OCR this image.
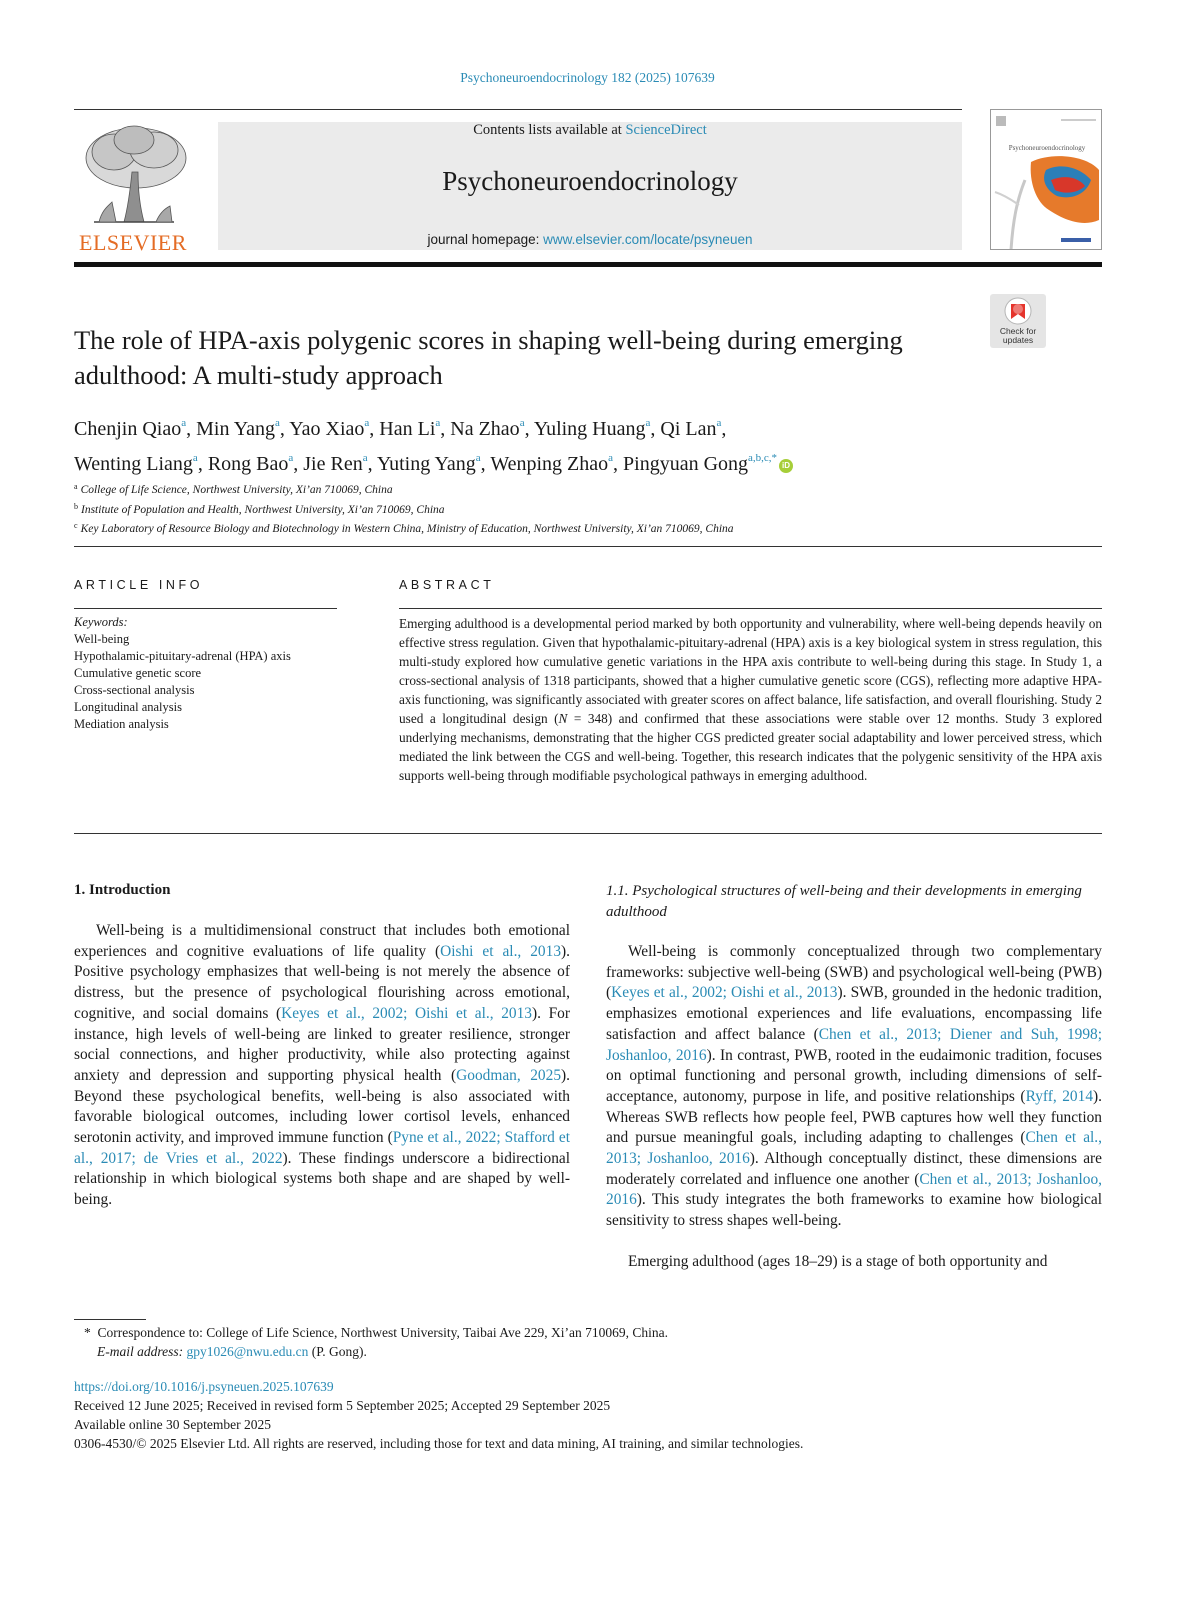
Psychoneuroendocrinology 182 (2025) 107639
ELSEVIER
Contents lists available at ScienceDirect
Psychoneuroendocrinology
journal homepage: www.elsevier.com/locate/psyneuen
Psychoneuroendocrinology
Check for updates
The role of HPA-axis polygenic scores in shaping well-being during emerging adulthood: A multi-study approach
Chenjin Qiao$^a$, Min Yang$^a$, Yao Xiao$^a$, Han Li$^a$, Na Zhao$^a$, Yuling Huang$^a$, Qi Lan$^a$,
Wenting Liang$^a$, Rong Bao$^a$, Jie Ren$^a$, Yuting Yang$^a$, Wenping Zhao$^a$, Pingyuan Gong$^{a,b,c,*}$iD
$^a$ College of Life Science, Northwest University, Xi’an 710069, China
$^b$ Institute of Population and Health, Northwest University, Xi’an 710069, China
$^c$ Key Laboratory of Resource Biology and Biotechnology in Western China, Ministry of Education, Northwest University, Xi’an 710069, China
ARTICLE INFO	ABSTRACT
Keywords:
Well-being
Hypothalamic-pituitary-adrenal (HPA) axis
Cumulative genetic score
Cross-sectional analysis
Longitudinal analysis
Mediation analysis
Emerging adulthood is a developmental period marked by both opportunity and vulnerability, where well-being depends heavily on effective stress regulation. Given that hypothalamic-pituitary-adrenal (HPA) axis is a key biological system in stress regulation, this multi-study explored how cumulative genetic variations in the HPA axis contribute to well-being during this stage. In Study 1, a cross-sectional analysis of 1318 participants, showed that a higher cumulative genetic score (CGS), reflecting more adaptive HPA-axis functioning, was significantly associated with greater scores on affect balance, life satisfaction, and overall flourishing. Study 2 used a longitudinal design (N = 348) and confirmed that these associations were stable over 12 months. Study 3 explored underlying mechanisms, demonstrating that the higher CGS predicted greater social adaptability and lower perceived stress, which mediated the link between the CGS and well-being. Together, this research indicates that the polygenic sensitivity of the HPA axis supports well-being through modifiable psychological pathways in emerging adulthood.
1. Introduction
Well-being is a multidimensional construct that includes both emotional experiences and cognitive evaluations of life quality (Oishi et al., 2013). Positive psychology emphasizes that well-being is not merely the absence of distress, but the presence of psychological flourishing across emotional, cognitive, and social domains (Keyes et al., 2002; Oishi et al., 2013). For instance, high levels of well-being are linked to greater resilience, stronger social connections, and higher productivity, while also protecting against anxiety and depression and supporting physical health (Goodman, 2025). Beyond these psychological benefits, well-being is also associated with favorable biological outcomes, including lower cortisol levels, enhanced serotonin activity, and improved immune function (Pyne et al., 2022; Stafford et al., 2017; de Vries et al., 2022). These findings underscore a bidirectional relationship in which biological systems both shape and are shaped by well-being.
1.1. Psychological structures of well-being and their developments in emerging adulthood
Well-being is commonly conceptualized through two complementary frameworks: subjective well-being (SWB) and psychological well-being (PWB) (Keyes et al., 2002; Oishi et al., 2013). SWB, grounded in the hedonic tradition, emphasizes emotional experiences and life evaluations, encompassing life satisfaction and affect balance (Chen et al., 2013; Diener and Suh, 1998; Joshanloo, 2016). In contrast, PWB, rooted in the eudaimonic tradition, focuses on optimal functioning and personal growth, including dimensions of self-acceptance, autonomy, purpose in life, and positive relationships (Ryff, 2014). Whereas SWB reflects how people feel, PWB captures how well they function and pursue meaningful goals, including adapting to challenges (Chen et al., 2013; Joshanloo, 2016). Although conceptually distinct, these dimensions are moderately correlated and influence one another (Chen et al., 2013; Joshanloo, 2016). This study integrates the both frameworks to examine how biological sensitivity to stress shapes well-being.
Emerging adulthood (ages 18–29) is a stage of both opportunity and
*  Correspondence to: College of Life Science, Northwest University, Taibai Ave 229, Xi’an 710069, China.
E-mail address: gpy1026@nwu.edu.cn (P. Gong).
https://doi.org/10.1016/j.psyneuen.2025.107639
Received 12 June 2025; Received in revised form 5 September 2025; Accepted 29 September 2025
Available online 30 September 2025
0306-4530/© 2025 Elsevier Ltd. All rights are reserved, including those for text and data mining, AI training, and similar technologies.
